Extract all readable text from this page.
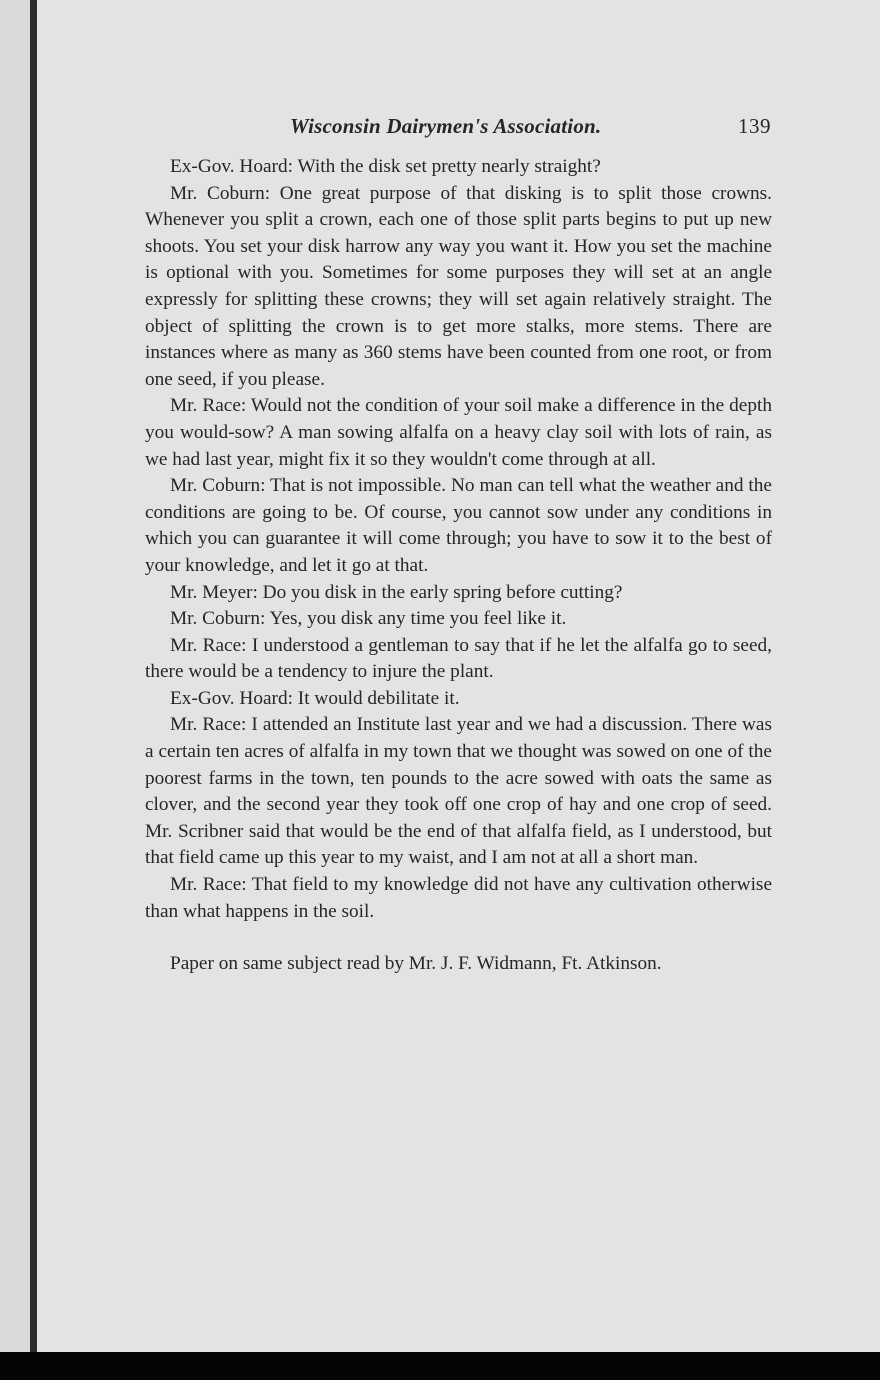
Wisconsin Dairymen's Association.	139

Ex-Gov. Hoard: With the disk set pretty nearly straight?

Mr. Coburn: One great purpose of that disking is to split those crowns. Whenever you split a crown, each one of those split parts begins to put up new shoots. You set your disk harrow any way you want it. How you set the machine is optional with you. Sometimes for some purposes they will set at an angle expressly for splitting these crowns; they will set again relatively straight. The object of splitting the crown is to get more stalks, more stems. There are instances where as many as 360 stems have been counted from one root, or from one seed, if you please.

Mr. Race: Would not the condition of your soil make a difference in the depth you would-sow? A man sowing alfalfa on a heavy clay soil with lots of rain, as we had last year, might fix it so they wouldn't come through at all.

Mr. Coburn: That is not impossible. No man can tell what the weather and the conditions are going to be. Of course, you cannot sow under any conditions in which you can guarantee it will come through; you have to sow it to the best of your knowledge, and let it go at that.

Mr. Meyer: Do you disk in the early spring before cutting?

Mr. Coburn: Yes, you disk any time you feel like it.

Mr. Race: I understood a gentleman to say that if he let the alfalfa go to seed, there would be a tendency to injure the plant.

Ex-Gov. Hoard: It would debilitate it.

Mr. Race: I attended an Institute last year and we had a discussion. There was a certain ten acres of alfalfa in my town that we thought was sowed on one of the poorest farms in the town, ten pounds to the acre sowed with oats the same as clover, and the second year they took off one crop of hay and one crop of seed. Mr. Scribner said that would be the end of that alfalfa field, as I understood, but that field came up this year to my waist, and I am not at all a short man.

Mr. Race: That field to my knowledge did not have any cultivation otherwise than what happens in the soil.

Paper on same subject read by Mr. J. F. Widmann, Ft. Atkinson.
